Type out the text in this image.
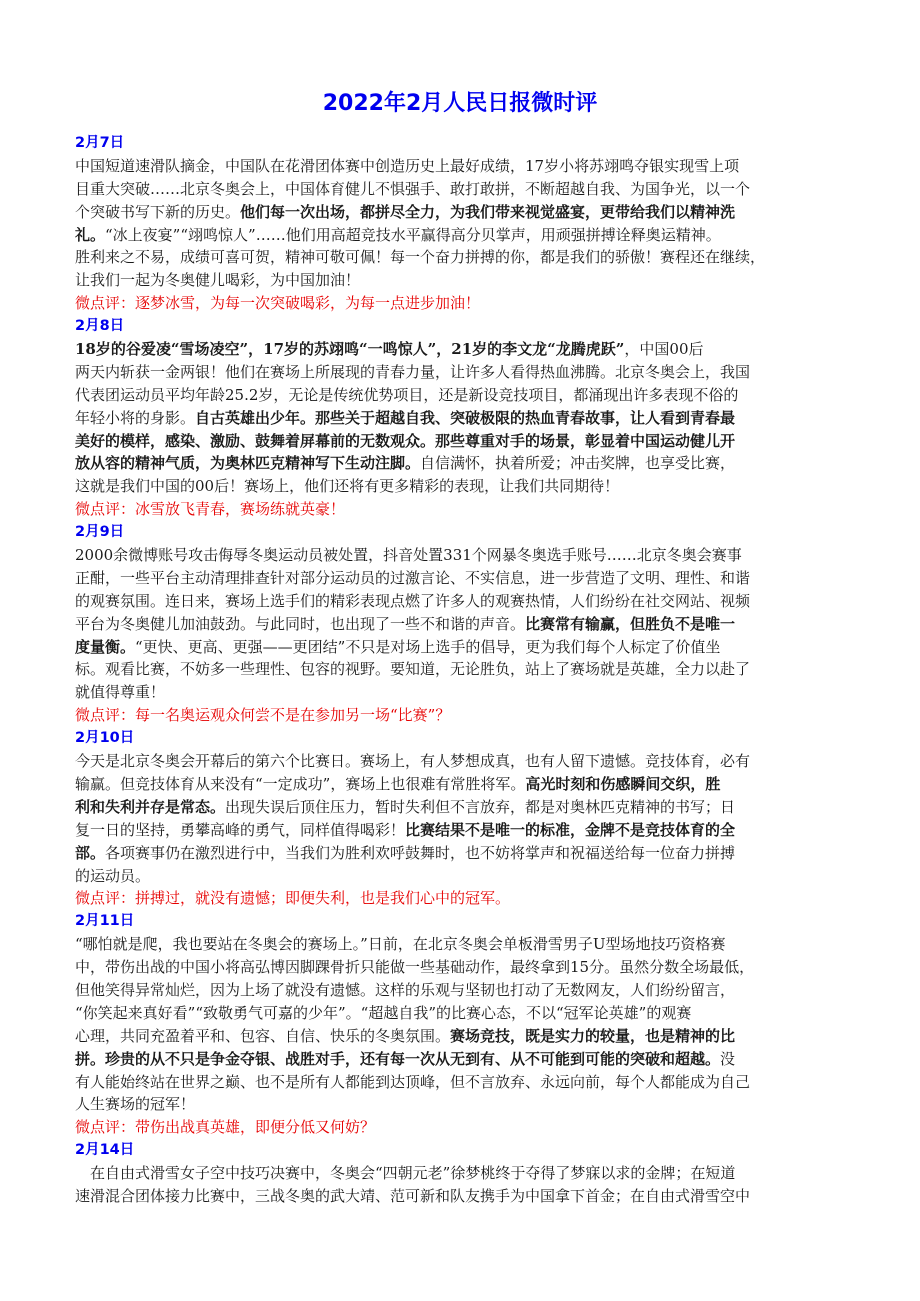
2022年2月人民日报微时评
2月7日
中国短道速滑队摘金，中国队在花滑团体赛中创造历史上最好成绩，17岁小将苏翊鸣夺银实现雪上项
目重大突破……北京冬奥会上，中国体育健儿不惧强手、敢打敢拼，不断超越自我、为国争光，以一个
个突破书写下新的历史。他们每一次出场，都拼尽全力，为我们带来视觉盛宴，更带给我们以精神洗
礼。“冰上夜宴”“翊鸣惊人”……他们用高超竞技水平赢得高分贝掌声，用顽强拼搏诠释奥运精神。
胜利来之不易，成绩可喜可贺，精神可敬可佩！每一个奋力拼搏的你，都是我们的骄傲！赛程还在继续，
让我们一起为冬奥健儿喝彩，为中国加油！
微点评：逐梦冰雪，为每一次突破喝彩，为每一点进步加油！
2月8日
18岁的谷爱凌“雪场凌空”，17岁的苏翊鸣“一鸣惊人”，21岁的李文龙“龙腾虎跃”，中国00后
两天内斩获一金两银！他们在赛场上所展现的青春力量，让许多人看得热血沸腾。北京冬奥会上，我国
代表团运动员平均年龄25.2岁，无论是传统优势项目，还是新设竞技项目，都涌现出许多表现不俗的
年轻小将的身影。自古英雄出少年。那些关于超越自我、突破极限的热血青春故事，让人看到青春最
美好的模样，感染、激励、鼓舞着屏幕前的无数观众。那些尊重对手的场景，彰显着中国运动健儿开
放从容的精神气质，为奥林匹克精神写下生动注脚。自信满怀，执着所爱；冲击奖牌，也享受比赛，
这就是我们中国的00后！赛场上，他们还将有更多精彩的表现，让我们共同期待！
微点评：冰雪放飞青春，赛场练就英豪！
2月9日
2000余微博账号攻击侮辱冬奥运动员被处置，抖音处置331个网暴冬奥选手账号……北京冬奥会赛事
正酣，一些平台主动清理排查针对部分运动员的过激言论、不实信息，进一步营造了文明、理性、和谐
的观赛氛围。连日来，赛场上选手们的精彩表现点燃了许多人的观赛热情，人们纷纷在社交网站、视频
平台为冬奥健儿加油鼓劲。与此同时，也出现了一些不和谐的声音。比赛常有输赢，但胜负不是唯一
度量衡。“更快、更高、更强——更团结”不只是对场上选手的倡导，更为我们每个人标定了价值坐
标。观看比赛，不妨多一些理性、包容的视野。要知道，无论胜负，站上了赛场就是英雄，全力以赴了
就值得尊重！
微点评：每一名奥运观众何尝不是在参加另一场“比赛”？
2月10日
今天是北京冬奥会开幕后的第六个比赛日。赛场上，有人梦想成真，也有人留下遗憾。竞技体育，必有
输赢。但竞技体育从来没有“一定成功”，赛场上也很难有常胜将军。高光时刻和伤感瞬间交织，胜
利和失利并存是常态。出现失误后顶住压力，暂时失利但不言放弃，都是对奥林匹克精神的书写；日
复一日的坚持，勇攀高峰的勇气，同样值得喝彩！比赛结果不是唯一的标准，金牌不是竞技体育的全
部。各项赛事仍在激烈进行中，当我们为胜利欢呼鼓舞时，也不妨将掌声和祝福送给每一位奋力拼搏
的运动员。
微点评：拼搏过，就没有遗憾；即便失利，也是我们心中的冠军。
2月11日
“哪怕就是爬，我也要站在冬奥会的赛场上。”日前，在北京冬奥会单板滑雪男子U型场地技巧资格赛
中，带伤出战的中国小将高弘博因脚踝骨折只能做一些基础动作，最终拿到15分。虽然分数全场最低，
但他笑得异常灿烂，因为上场了就没有遗憾。这样的乐观与坚韧也打动了无数网友，人们纷纷留言，
“你笑起来真好看”“致敬勇气可嘉的少年”。“超越自我”的比赛心态，不以“冠军论英雄”的观赛
心理，共同充盈着平和、包容、自信、快乐的冬奥氛围。赛场竞技，既是实力的较量，也是精神的比
拼。珍贵的从不只是争金夺银、战胜对手，还有每一次从无到有、从不可能到可能的突破和超越。没
有人能始终站在世界之巅、也不是所有人都能到达顶峰，但不言放弃、永远向前，每个人都能成为自己
人生赛场的冠军！
微点评：带伤出战真英雄，即便分低又何妨？
2月14日
在自由式滑雪女子空中技巧决赛中，冬奥会“四朝元老”徐梦桃终于夺得了梦寐以求的金牌；在短道
速滑混合团体接力比赛中，三战冬奥的武大靖、范可新和队友携手为中国拿下首金；在自由式滑雪空中
